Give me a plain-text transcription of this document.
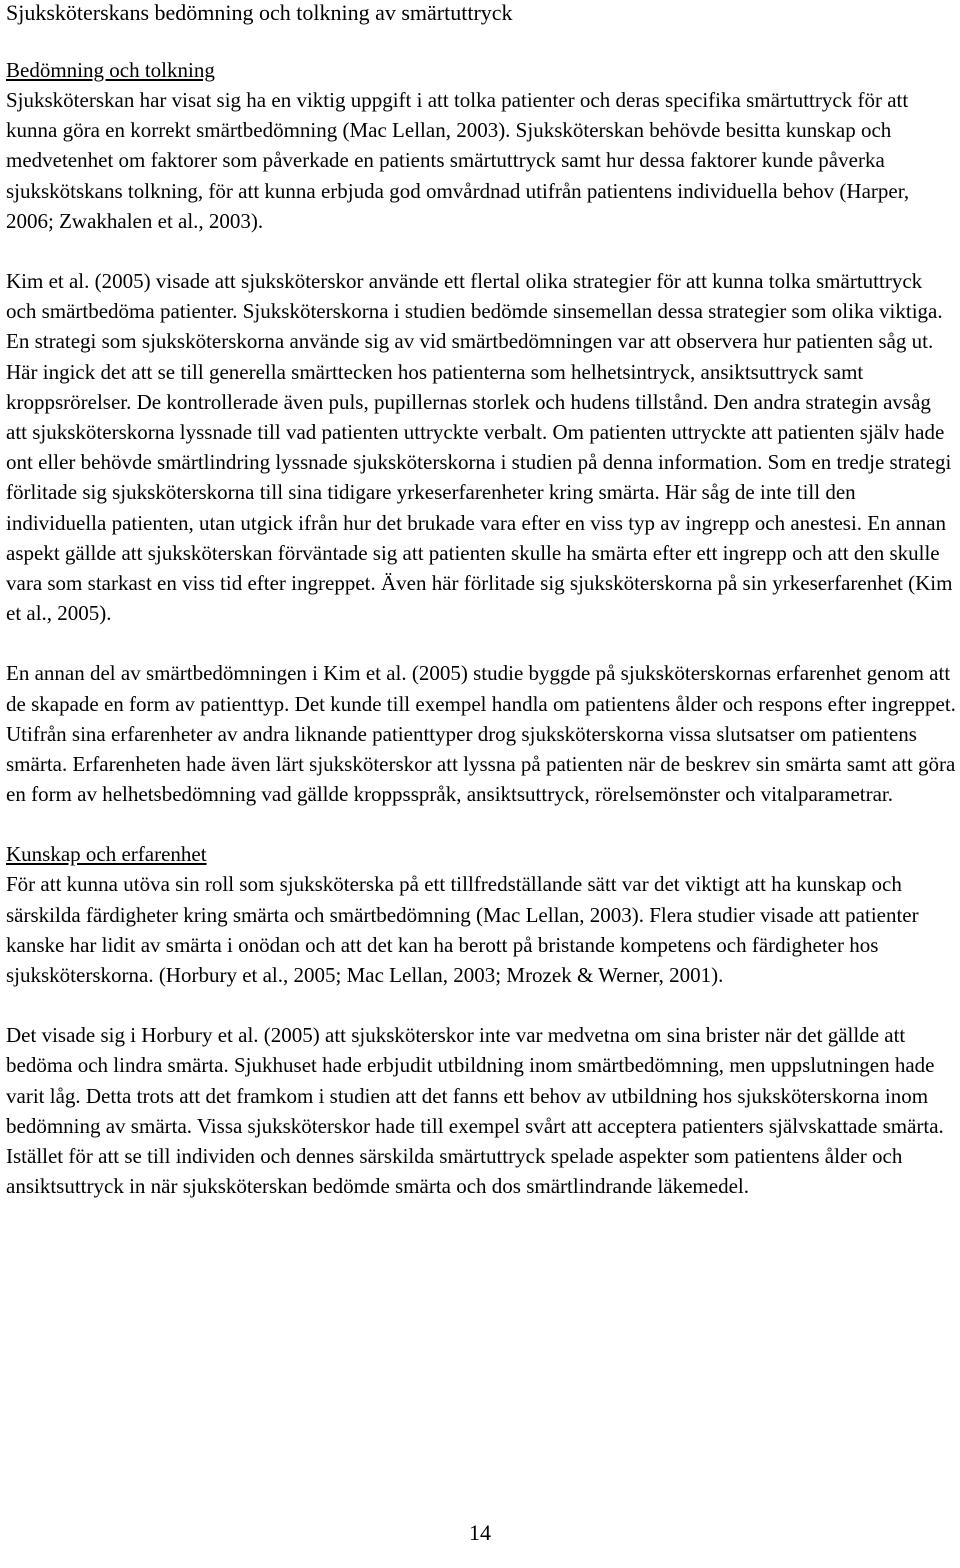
Sjuksköterskans bedömning och tolkning av smärtuttryck
Bedömning och tolkning

Sjuksköterskan har visat sig ha en viktig uppgift i att tolka patienter och deras specifika smärtuttryck för att kunna göra en korrekt smärtbedömning (Mac Lellan, 2003). Sjuksköterskan behövde besitta kunskap och medvetenhet om faktorer som påverkade en patients smärtuttryck samt hur dessa faktorer kunde påverka sjukskötskans tolkning, för att kunna erbjuda god omvårdnad utifrån patientens individuella behov (Harper, 2006; Zwakhalen et al., 2003).

Kim et al. (2005) visade att sjuksköterskor använde ett flertal olika strategier för att kunna tolka smärtuttryck och smärtbedöma patienter. Sjuksköterskorna i studien bedömde sinsemellan dessa strategier som olika viktiga. En strategi som sjuksköterskorna använde sig av vid smärtbedömningen var att observera hur patienten såg ut. Här ingick det att se till generella smärttecken hos patienterna som helhetsintryck, ansiktsuttryck samt kroppsrörelser. De kontrollerade även puls, pupillernas storlek och hudens tillstånd. Den andra strategin avsåg att sjuksköterskorna lyssnade till vad patienten uttryckte verbalt. Om patienten uttryckte att patienten själv hade ont eller behövde smärtlindring lyssnade sjuksköterskorna i studien på denna information. Som en tredje strategi förlitade sig sjuksköterskorna till sina tidigare yrkeserfarenheter kring smärta. Här såg de inte till den individuella patienten, utan utgick ifrån hur det brukade vara efter en viss typ av ingrepp och anestesi. En annan aspekt gällde att sjuksköterskan förväntade sig att patienten skulle ha smärta efter ett ingrepp och att den skulle vara som starkast en viss tid efter ingreppet. Även här förlitade sig sjuksköterskorna på sin yrkeserfarenhet (Kim et al., 2005).

En annan del av smärtbedömningen i Kim et al. (2005) studie byggde på sjuksköterskornas erfarenhet genom att de skapade en form av patienttyp. Det kunde till exempel handla om patientens ålder och respons efter ingreppet. Utifrån sina erfarenheter av andra liknande patienttyper drog sjuksköterskorna vissa slutsatser om patientens smärta. Erfarenheten hade även lärt sjuksköterskor att lyssna på patienten när de beskrev sin smärta samt att göra en form av helhetsbedömning vad gällde kroppsspråk, ansiktsuttryck, rörelsemönster och vitalparametrar.

Kunskap och erfarenhet

För att kunna utöva sin roll som sjuksköterska på ett tillfredställande sätt var det viktigt att ha kunskap och särskilda färdigheter kring smärta och smärtbedömning (Mac Lellan, 2003). Flera studier visade att patienter kanske har lidit av smärta i onödan och att det kan ha berott på bristande kompetens och färdigheter hos sjuksköterskorna. (Horbury et al., 2005; Mac Lellan, 2003; Mrozek & Werner, 2001).

Det visade sig i Horbury et al. (2005) att sjuksköterskor inte var medvetna om sina brister när det gällde att bedöma och lindra smärta. Sjukhuset hade erbjudit utbildning inom smärtbedömning, men uppslutningen hade varit låg. Detta trots att det framkom i studien att det fanns ett behov av utbildning hos sjuksköterskorna inom bedömning av smärta. Vissa sjuksköterskor hade till exempel svårt att acceptera patienters självskattade smärta. Istället för att se till individen och dennes särskilda smärtuttryck spelade aspekter som patientens ålder och ansiktsuttryck in när sjuksköterskan bedömde smärta och dos smärtlindrande läkemedel.

14
